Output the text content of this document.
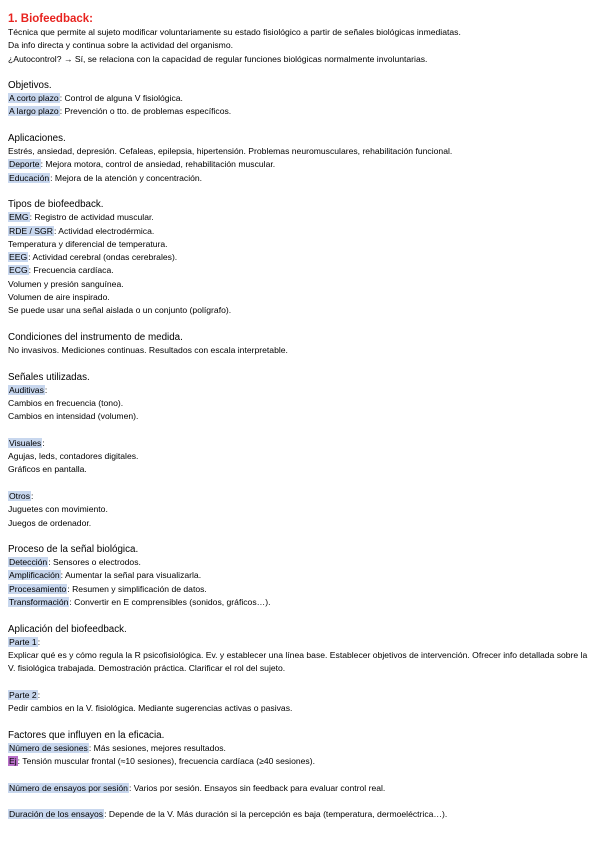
1. Biofeedback:
Técnica que permite al sujeto modificar voluntariamente su estado fisiológico a partir de señales biológicas inmediatas.
Da info directa y continua sobre la actividad del organismo.
¿Autocontrol? → Sí, se relaciona con la capacidad de regular funciones biológicas normalmente involuntarias.
Objetivos.
A corto plazo: Control de alguna V fisiológica.
A largo plazo: Prevención o tto. de problemas específicos.
Aplicaciones.
Estrés, ansiedad, depresión. Cefaleas, epilepsia, hipertensión. Problemas neuromusculares, rehabilitación funcional.
Deporte: Mejora motora, control de ansiedad, rehabilitación muscular.
Educación: Mejora de la atención y concentración.
Tipos de biofeedback.
EMG: Registro de actividad muscular.
RDE / SGR: Actividad electrodérmica.
Temperatura y diferencial de temperatura.
EEG: Actividad cerebral (ondas cerebrales).
ECG: Frecuencia cardíaca.
Volumen y presión sanguínea.
Volumen de aire inspirado.
Se puede usar una señal aislada o un conjunto (polígrafo).
Condiciones del instrumento de medida.
No invasivos. Mediciones continuas. Resultados con escala interpretable.
Señales utilizadas.
Auditivas:
Cambios en frecuencia (tono).
Cambios en intensidad (volumen).
Visuales:
Agujas, leds, contadores digitales.
Gráficos en pantalla.
Otros:
Juguetes con movimiento.
Juegos de ordenador.
Proceso de la señal biológica.
Detección: Sensores o electrodos.
Amplificación: Aumentar la señal para visualizarla.
Procesamiento: Resumen y simplificación de datos.
Transformación: Convertir en E comprensibles (sonidos, gráficos…).
Aplicación del biofeedback.
Parte 1:
Explicar qué es y cómo regula la R psicofisiológica. Ev. y establecer una línea base. Establecer objetivos de intervención. Ofrecer info detallada sobre la V. fisiológica trabajada. Demostración práctica. Clarificar el rol del sujeto.
Parte 2:
Pedir cambios en la V. fisiológica. Mediante sugerencias activas o pasivas.
Factores que influyen en la eficacia.
Número de sesiones: Más sesiones, mejores resultados.
Ej: Tensión muscular frontal (≈10 sesiones), frecuencia cardíaca (≥40 sesiones).
Número de ensayos por sesión: Varios por sesión. Ensayos sin feedback para evaluar control real.
Duración de los ensayos: Depende de la V. Más duración si la percepción es baja (temperatura, dermoeléctrica…).
